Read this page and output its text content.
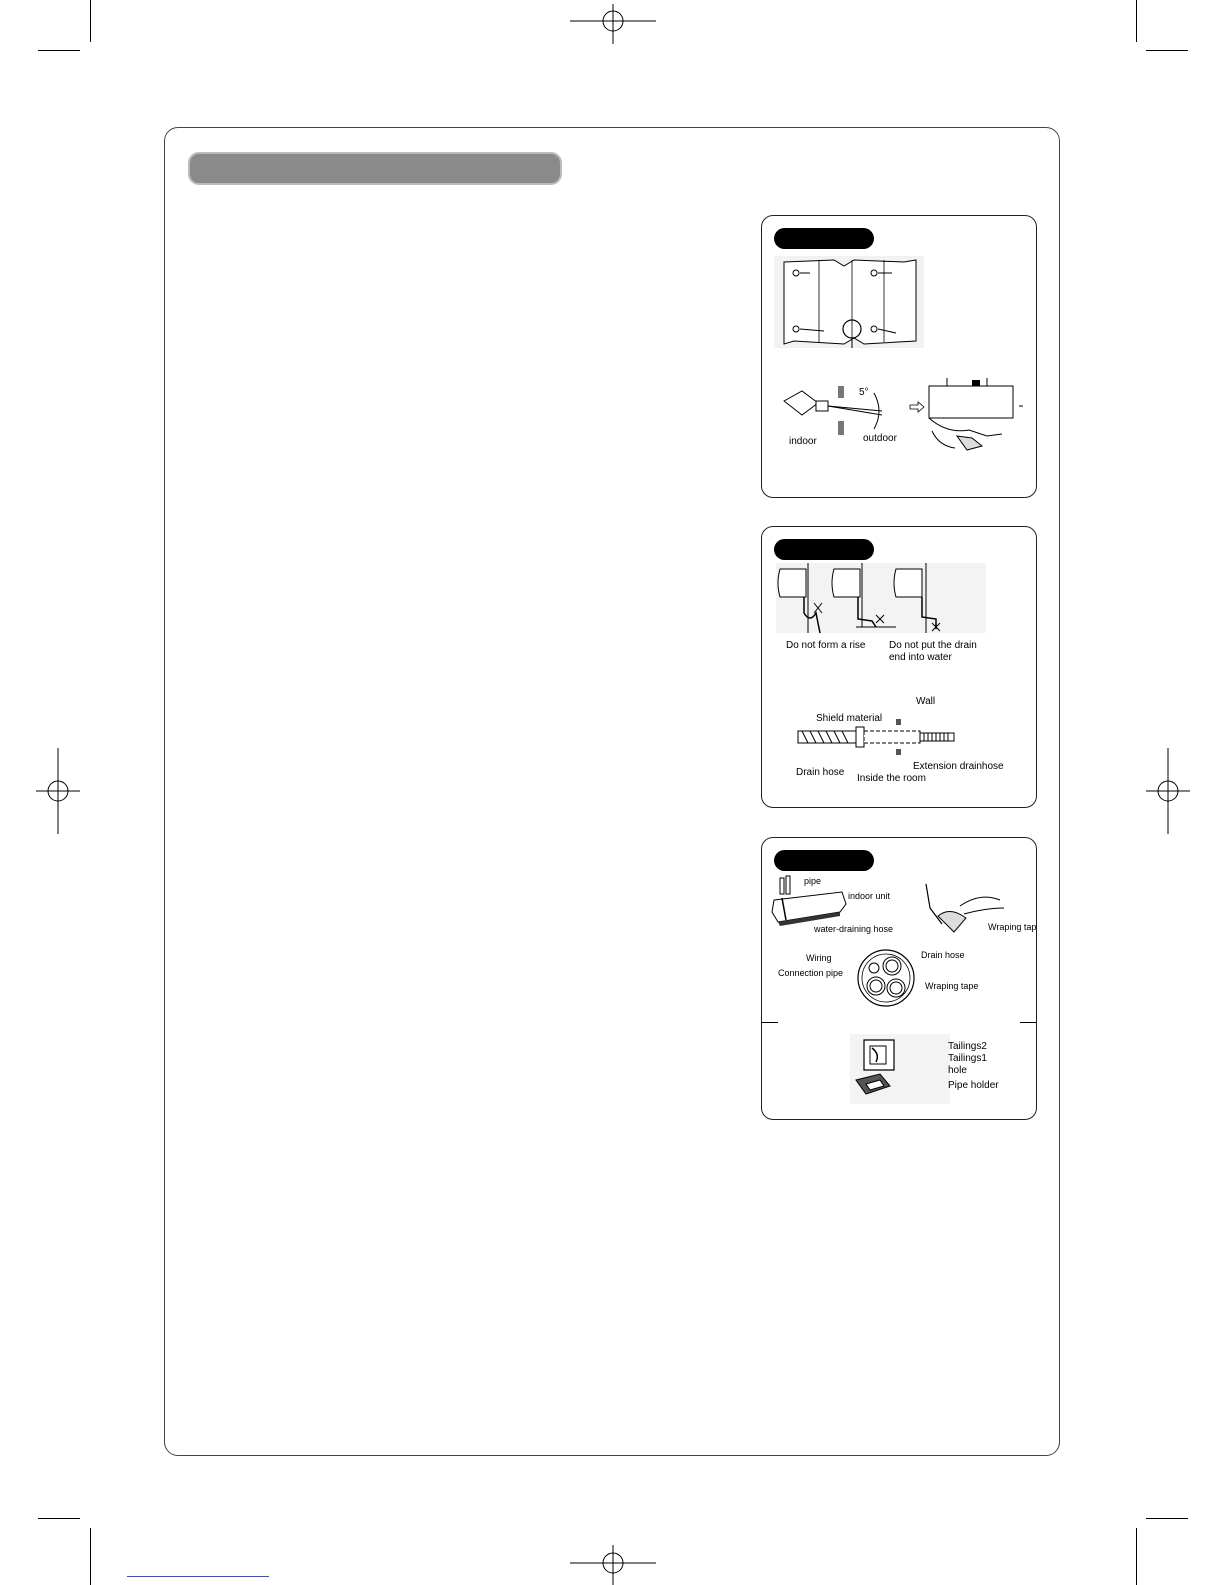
5°
indoor	outdoor
Do not form a rise Do not put the drain
end into water
Wall
Shield material
Extension drainhose
Drain hose
Inside the room
pipe
indoor unit
water-draining hose	Wraping tap
Wiring	Drain hose
Connection pipe
Wraping tape
Tailings2
Tailings1
hole
Pipe holder
